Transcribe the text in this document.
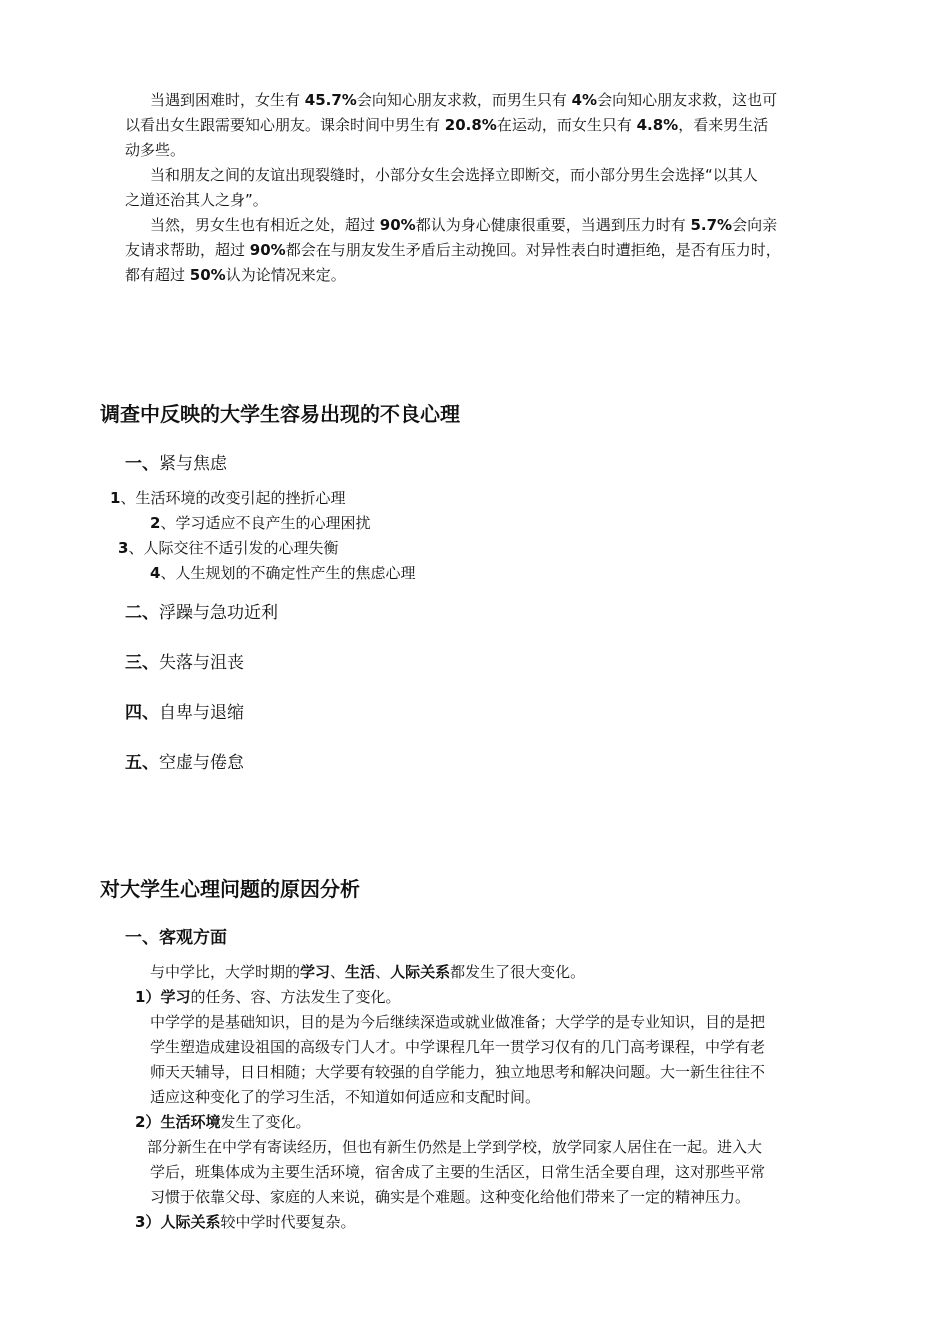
当遇到困难时，女生有 45.7%会向知心朋友求救，而男生只有 4%会向知心朋友求救，这也可
以看出女生跟需要知心朋友。课余时间中男生有 20.8%在运动，而女生只有 4.8%，看来男生活
动多些。
当和朋友之间的友谊出现裂缝时，小部分女生会选择立即断交，而小部分男生会选择“以其人
之道还治其人之身”。
当然，男女生也有相近之处，超过 90%都认为身心健康很重要，当遇到压力时有 5.7%会向亲
友请求帮助，超过 90%都会在与朋友发生矛盾后主动挽回。对异性表白时遭拒绝，是否有压力时，
都有超过 50%认为论情况来定。
调查中反映的大学生容易出现的不良心理
一、紧与焦虑
1、生活环境的改变引起的挫折心理
2、学习适应不良产生的心理困扰
3、人际交往不适引发的心理失衡
4、人生规划的不确定性产生的焦虑心理
二、浮躁与急功近利
三、失落与沮丧
四、自卑与退缩
五、空虚与倦怠
对大学生心理问题的原因分析
一、客观方面
与中学比，大学时期的学习、生活、人际关系都发生了很大变化。
1）学习的任务、容、方法发生了变化。
中学学的是基础知识，目的是为今后继续深造或就业做准备；大学学的是专业知识，目的是把
学生塑造成建设祖国的高级专门人才。中学课程几年一贯学习仅有的几门高考课程，中学有老
师天天辅导，日日相随；大学要有较强的自学能力，独立地思考和解决问题。大一新生往往不
适应这种变化了的学习生活，不知道如何适应和支配时间。
2）生活环境发生了变化。
部分新生在中学有寄读经历，但也有新生仍然是上学到学校，放学同家人居住在一起。进入大
学后，班集体成为主要生活环境，宿舍成了主要的生活区，日常生活全要自理，这对那些平常
习惯于依靠父母、家庭的人来说，确实是个难题。这种变化给他们带来了一定的精神压力。
3）人际关系较中学时代要复杂。
